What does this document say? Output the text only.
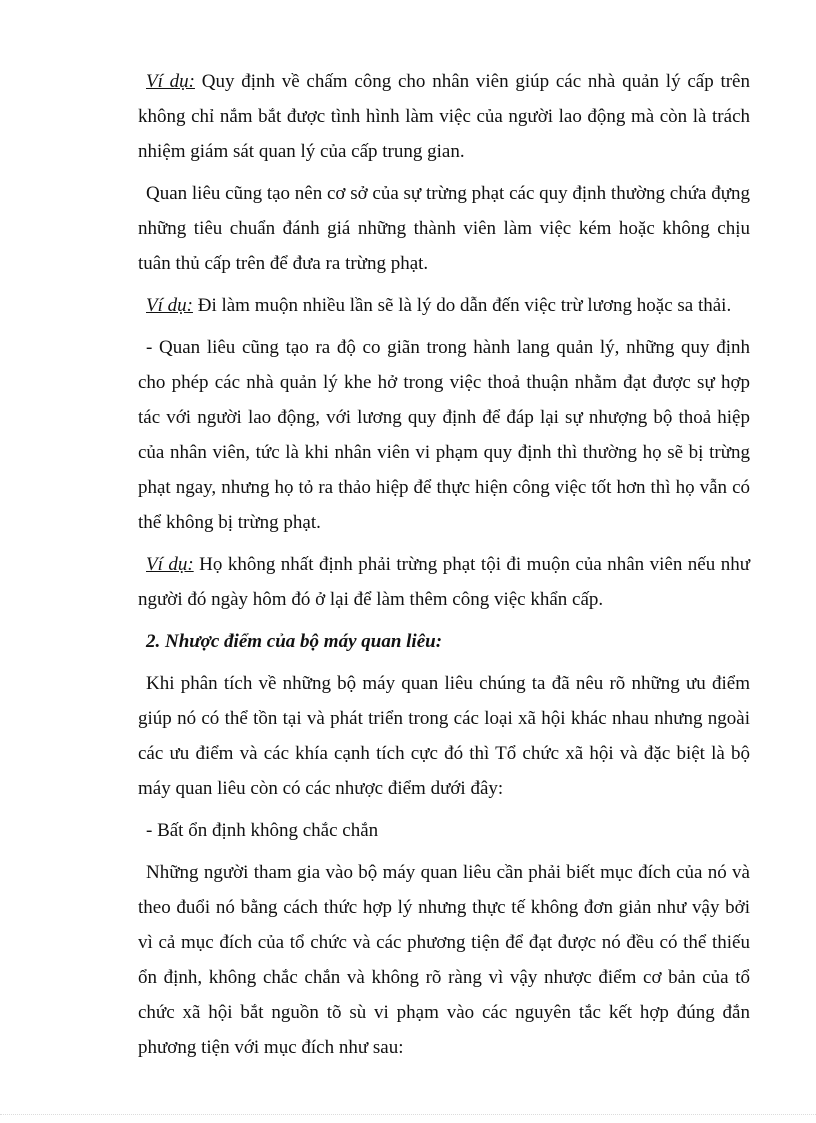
Ví dụ: Quy định về chấm công cho nhân viên giúp các nhà quản lý cấp trên không chỉ nắm bắt được tình hình làm việc của người lao động mà còn là trách nhiệm giám sát quan lý của cấp trung gian.

Quan liêu cũng tạo nên cơ sở của sự trừng phạt các quy định thường chứa đựng những tiêu chuẩn đánh giá những thành viên làm việc kém hoặc không chịu tuân thủ cấp trên để đưa ra trừng phạt.

Ví dụ: Đi làm muộn nhiều lần sẽ là lý do dẫn đến việc trừ lương hoặc sa thải.

- Quan liêu cũng tạo ra độ co giãn trong hành lang quản lý, những quy định cho phép các nhà quản lý khe hở trong việc thoả thuận nhằm đạt được sự hợp tác với người lao động, với lương quy định để đáp lại sự nhượng bộ thoả hiệp của nhân viên, tức là khi nhân viên vi phạm quy định thì thường họ sẽ bị trừng phạt ngay, nhưng họ tỏ ra thảo hiệp để thực hiện công việc tốt hơn thì họ vẫn có thể không bị trừng phạt.

Ví dụ: Họ không nhất định phải trừng phạt tội đi muộn của nhân viên nếu như người đó ngày hôm đó ở lại để làm thêm công việc khẩn cấp.

2. Nhược điểm của bộ máy quan liêu:

Khi phân tích về những bộ máy quan liêu chúng ta đã nêu rõ những ưu điểm giúp nó có thể tồn tại và phát triển trong các loại xã hội khác nhau nhưng ngoài các ưu điểm và các khía cạnh tích cực đó thì Tổ chức xã hội và đặc biệt là bộ máy quan liêu còn có các nhược điểm dưới đây:

- Bất ổn định không chắc chắn

Những người tham gia vào bộ máy quan liêu cần phải biết mục đích của nó và theo đuổi nó bằng cách thức hợp lý nhưng thực tế không đơn giản như vậy bởi vì cả mục đích của tổ chức và các phương tiện để đạt được nó đều có thể thiếu ổn định, không chắc chắn và không rõ ràng vì vậy nhược điểm cơ bản của tổ chức xã hội bắt nguồn tõ sù vi phạm vào các nguyên tắc kết hợp đúng đắn phương tiện với mục đích như sau:
